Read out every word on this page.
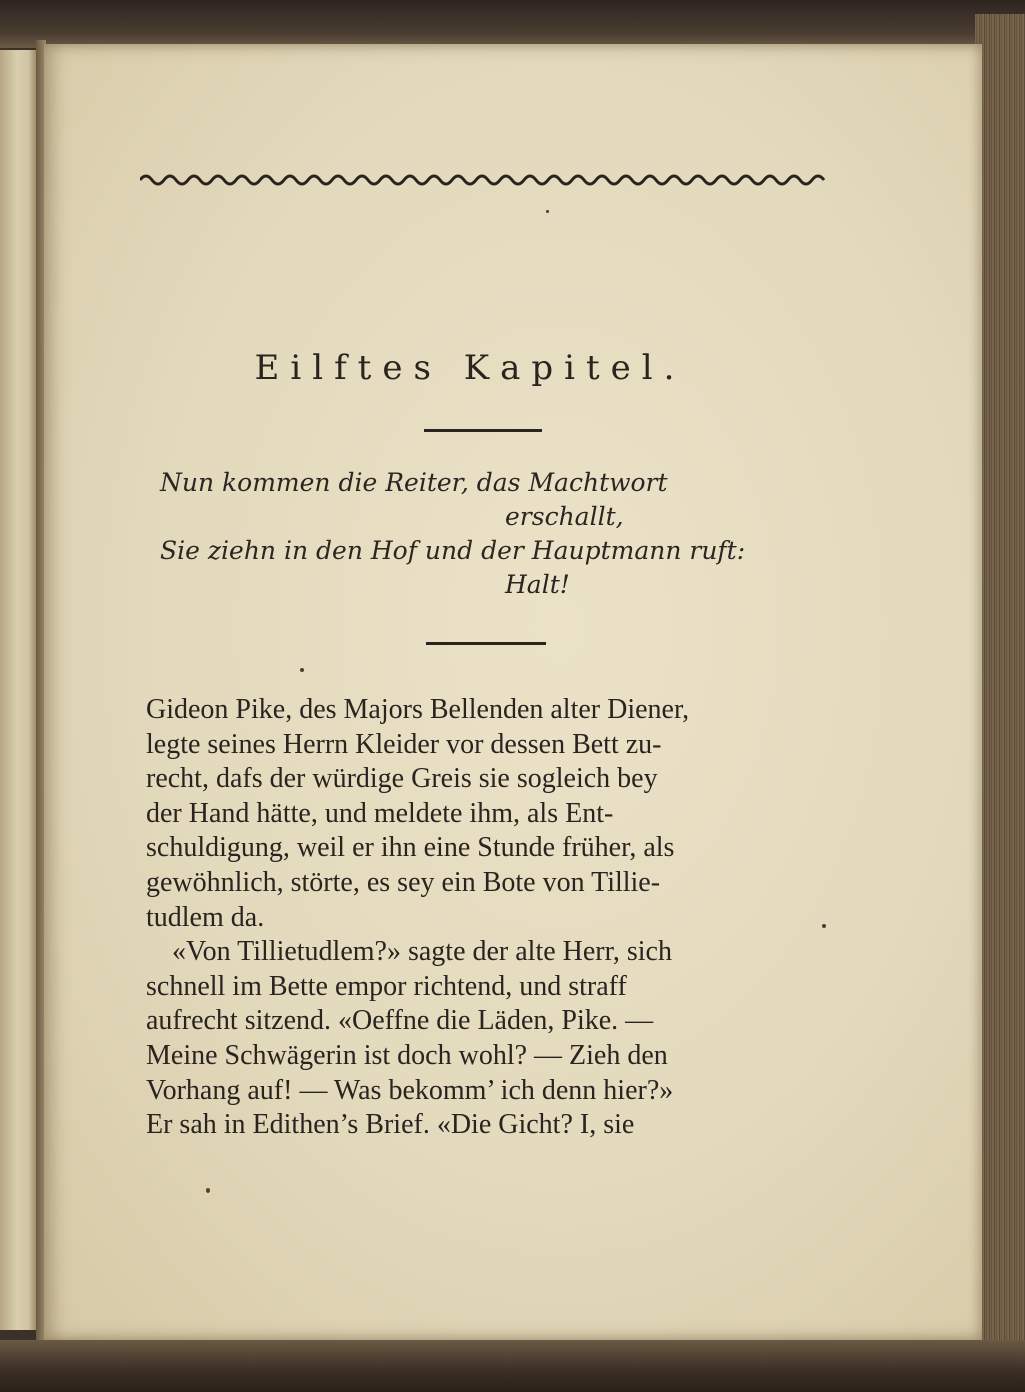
Eilftes Kapitel.
Nun kommen die Reiter, das Machtwort
erschallt,
Sie ziehn in den Hof und der Hauptmann ruft:
Halt!
Gideon Pike, des Majors Bellenden alter Diener,
legte seines Herrn Kleider vor dessen Bett zu-
recht, dafs der würdige Greis sie sogleich bey
der Hand hätte, und meldete ihm, als Ent-
schuldigung, weil er ihn eine Stunde früher, als
gewöhnlich, störte, es sey ein Bote von Tillie-
tudlem da.
«Von Tillietudlem?» sagte der alte Herr, sich
schnell im Bette empor richtend, und straff
aufrecht sitzend. «Oeffne die Läden, Pike. —
Meine Schwägerin ist doch wohl? — Zieh den
Vorhang auf! — Was bekomm’ ich denn hier?»
Er sah in Edithen’s Brief. «Die Gicht? I, sie
